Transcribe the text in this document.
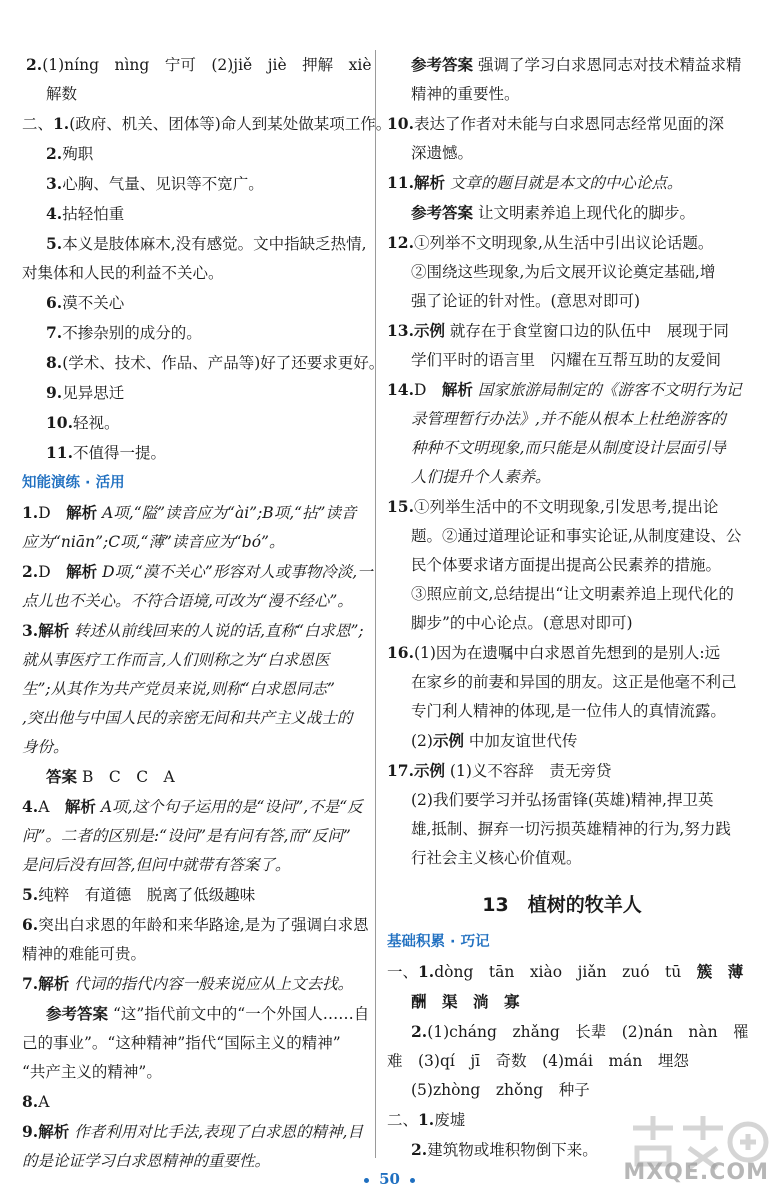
2.(1)níng　nìng　宁可　(2)jiě　jiè　押解　xiè
解数
二、1.(政府、机关、团体等)命人到某处做某项工作。
2.殉职
3.心胸、气量、见识等不宽广。
4.拈轻怕重
5.本义是肢体麻木,没有感觉。文中指缺乏热情,
对集体和人民的利益不关心。
6.漠不关心
7.不掺杂别的成分的。
8.(学术、技术、作品、产品等)好了还要求更好。
9.见异思迁
10.轻视。
11.不值得一提。
知能演练 · 活用
1.D　解析 A项,“隘”读音应为“ài”;B项,“拈”读音
应为“niān”;C项,“薄”读音应为“bó”。
2.D　解析 D项,“漠不关心”形容对人或事物冷淡,一
点儿也不关心。不符合语境,可改为“漫不经心”。
3.解析 转述从前线回来的人说的话,直称“白求恩”;
就从事医疗工作而言,人们则称之为“白求恩医
生”;从其作为共产党员来说,则称“白求恩同志”
,突出他与中国人民的亲密无间和共产主义战士的
身份。
答案 B　C　C　A
4.A　解析 A项,这个句子运用的是“设问”,不是“反
问”。二者的区别是:“设问”是有问有答,而“反问”
是问后没有回答,但问中就带有答案了。
5.纯粹　有道德　脱离了低级趣味
6.突出白求恩的年龄和来华路途,是为了强调白求恩
精神的难能可贵。
7.解析 代词的指代内容一般来说应从上文去找。
参考答案 “这”指代前文中的“一个外国人……自
己的事业”。“这种精神”指代“国际主义的精神”
“共产主义的精神”。
8.A
9.解析 作者利用对比手法,表现了白求恩的精神,目
的是论证学习白求恩精神的重要性。
参考答案 强调了学习白求恩同志对技术精益求精
精神的重要性。
10.表达了作者对未能与白求恩同志经常见面的深
深遗憾。
11.解析 文章的题目就是本文的中心论点。
参考答案 让文明素养追上现代化的脚步。
12.①列举不文明现象,从生活中引出议论话题。
②围绕这些现象,为后文展开议论奠定基础,增
强了论证的针对性。(意思对即可)
13.示例 就存在于食堂窗口边的队伍中　展现于同
学们平时的语言里　闪耀在互帮互助的友爱间
14.D　解析 国家旅游局制定的《游客不文明行为记
录管理暂行办法》,并不能从根本上杜绝游客的
种种不文明现象,而只能是从制度设计层面引导
人们提升个人素养。
15.①列举生活中的不文明现象,引发思考,提出论
题。②通过道理论证和事实论证,从制度建设、公
民个体要求诸方面提出提高公民素养的措施。
③照应前文,总结提出“让文明素养追上现代化的
脚步”的中心论点。(意思对即可)
16.(1)因为在遗嘱中白求恩首先想到的是别人:远
在家乡的前妻和异国的朋友。这正是他毫不利己
专门利人精神的体现,是一位伟人的真情流露。
(2)示例 中加友谊世代传
17.示例 (1)义不容辞　责无旁贷
(2)我们要学习并弘扬雷锋(英雄)精神,捍卫英
雄,抵制、摒弃一切污损英雄精神的行为,努力践
行社会主义核心价值观。
13　植树的牧羊人
基础积累 · 巧记
一、1.dòng　tān　xiào　jiǎn　zuó　tū　簇　薄
酬　渠　淌　寡
2.(1)cháng　zhǎng　长辈　(2)nán　nàn　罹
难　(3)qí　jī　奇数　(4)mái　mán　埋怨
(5)zhòng　zhǒng　种子
二、1.废墟
2.建筑物或堆积物倒下来。
50	MXQE.COM
